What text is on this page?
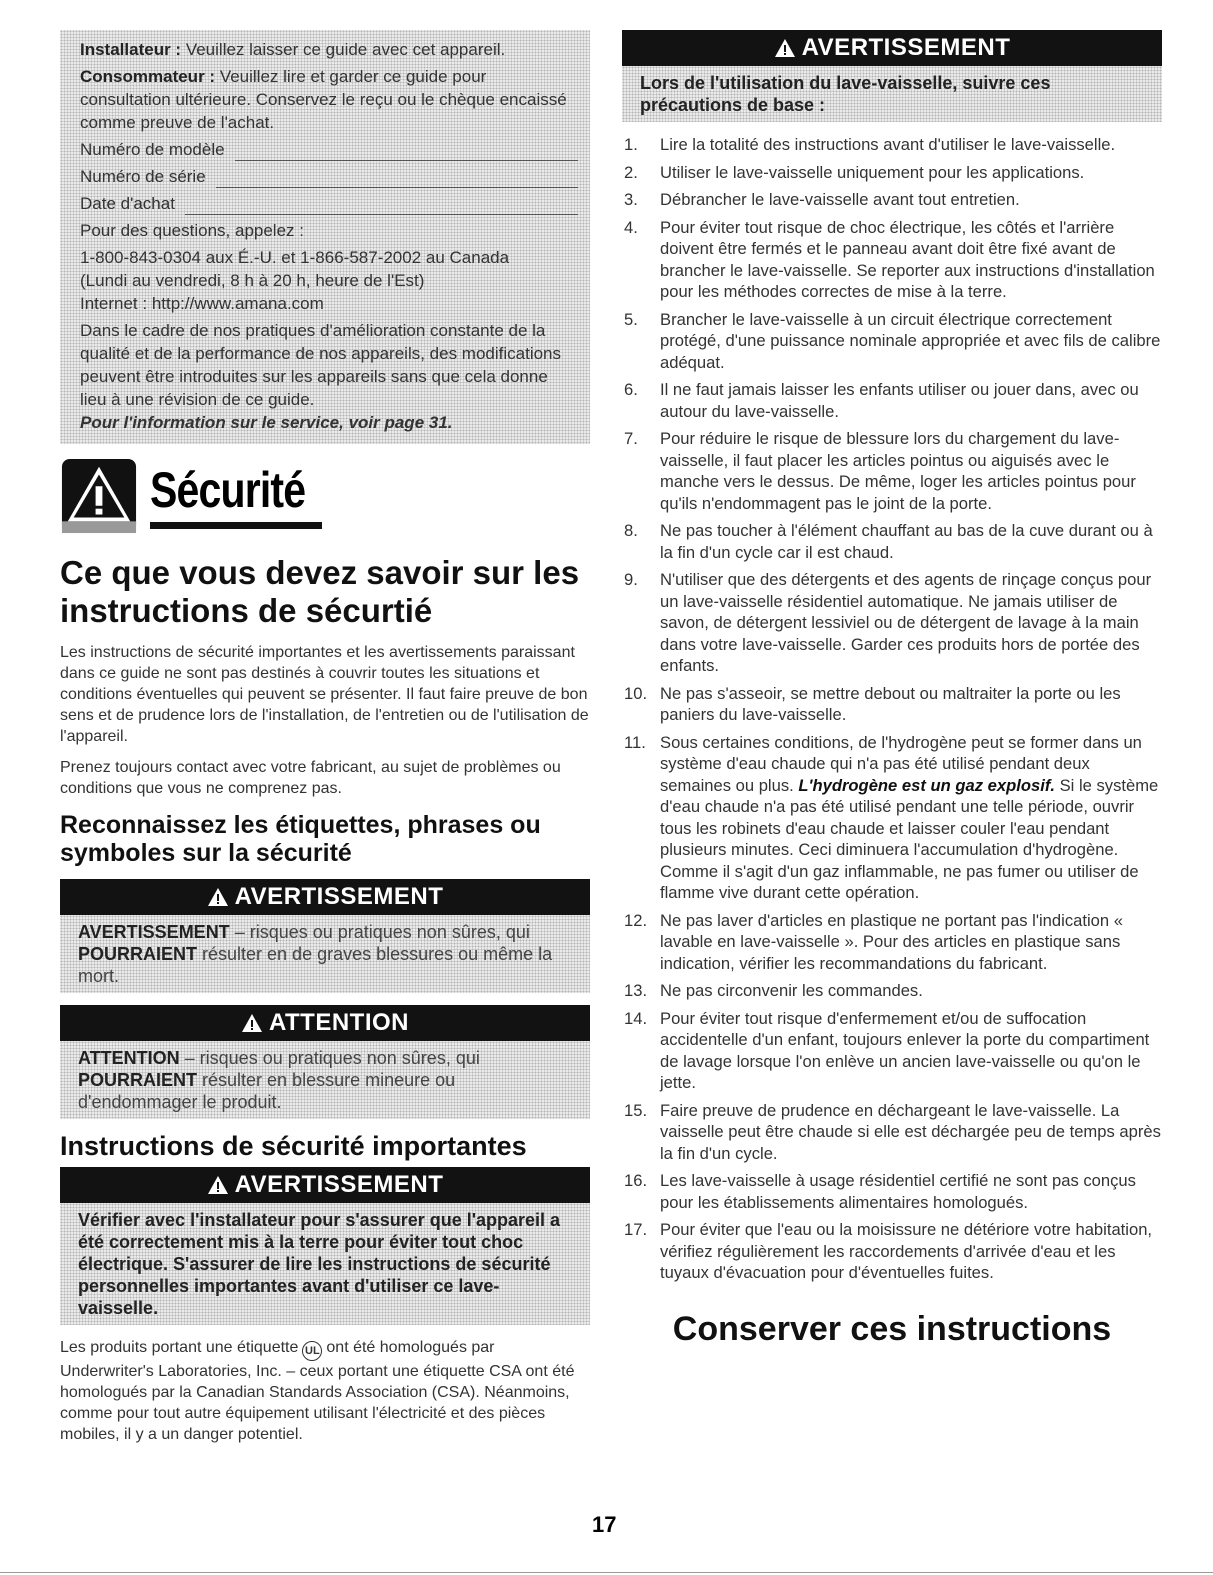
Installateur : Veuillez laisser ce guide avec cet appareil.

Consommateur : Veuillez lire et garder ce guide pour consultation ultérieure. Conservez le reçu ou le chèque encaissé comme preuve de l'achat.

Numéro de modèle
Numéro de série
Date d'achat

Pour des questions, appelez :

1-800-843-0304 aux É.-U. et 1-866-587-2002 au Canada

(Lundi au vendredi, 8 h à 20 h, heure de l'Est)

Internet : http://www.amana.com

Dans le cadre de nos pratiques d'amélioration constante de la qualité et de la performance de nos appareils, des modifications peuvent être introduites sur les appareils sans que cela donne lieu à une révision de ce guide.

Pour l'information sur le service, voir page 31.

Sécurité
Ce que vous devez savoir sur les instructions de sécurtié

Les instructions de sécurité importantes et les avertissements paraissant dans ce guide ne sont pas destinés à couvrir toutes les situations et conditions éventuelles qui peuvent se présenter. Il faut faire preuve de bon sens et de prudence lors de l'installation, de l'entretien ou de l'utilisation de l'appareil.

Prenez toujours contact avec votre fabricant, au sujet de problèmes ou conditions que vous ne comprenez pas.

Reconnaissez les étiquettes, phrases ou symboles sur la sécurité
AVERTISSEMENT
AVERTISSEMENT – risques ou pratiques non sûres, qui POURRAIENT résulter en de graves blessures ou même la mort.
ATTENTION
ATTENTION – risques ou pratiques non sûres, qui POURRAIENT résulter en blessure mineure ou d'endommager le produit.
Instructions de sécurité importantes
AVERTISSEMENT
Vérifier avec l'installateur pour s'assurer que l'appareil a été correctement mis à la terre pour éviter tout choc électrique. S'assurer de lire les instructions de sécurité personnelles importantes avant d'utiliser ce lave-vaisselle.

Les produits portant une étiquette UL ont été homologués par Underwriter's Laboratories, Inc. – ceux portant une étiquette CSA ont été homologués par la Canadian Standards Association (CSA). Néanmoins, comme pour tout autre équipement utilisant l'électricité et des pièces mobiles, il y a un danger potentiel.

AVERTISSEMENT
Lors de l'utilisation du lave-vaisselle, suivre ces précautions de base :
1.	Lire la totalité des instructions avant d'utiliser le lave-vaisselle.
2.	Utiliser le lave-vaisselle uniquement pour les applications.
3.	Débrancher le lave-vaisselle avant tout entretien.
4.	Pour éviter tout risque de choc électrique, les côtés et l'arrière doivent être fermés et le panneau avant doit être fixé avant de brancher le lave-vaisselle. Se reporter aux instructions d'installation pour les méthodes correctes de mise à la terre.
5.	Brancher le lave-vaisselle à un circuit électrique correctement protégé, d'une puissance nominale appropriée et avec fils de calibre adéquat.
6.	Il ne faut jamais laisser les enfants utiliser ou jouer dans, avec ou autour du lave-vaisselle.
7.	Pour réduire le risque de blessure lors du chargement du lave-vaisselle, il faut placer les articles pointus ou aiguisés avec le manche vers le dessus. De même, loger les articles pointus pour qu'ils n'endommagent pas le joint de la porte.
8.	Ne pas toucher à l'élément chauffant au bas de la cuve durant ou à la fin d'un cycle car il est chaud.
9.	N'utiliser que des détergents et des agents de rinçage conçus pour un lave-vaisselle résidentiel automatique. Ne jamais utiliser de savon, de détergent lessiviel ou de détergent de lavage à la main dans votre lave-vaisselle. Garder ces produits hors de portée des enfants.
10. Ne pas s'asseoir, se mettre debout ou maltraiter la porte ou les paniers du lave-vaisselle.
11. Sous certaines conditions, de l'hydrogène peut se former dans un système d'eau chaude qui n'a pas été utilisé pendant deux semaines ou plus. L'hydrogène est un gaz explosif. Si le système d'eau chaude n'a pas été utilisé pendant une telle période, ouvrir tous les robinets d'eau chaude et laisser couler l'eau pendant plusieurs minutes. Ceci diminuera l'accumulation d'hydrogène. Comme il s'agit d'un gaz inflammable, ne pas fumer ou utiliser de flamme vive durant cette opération.
12. Ne pas laver d'articles en plastique ne portant pas l'indication « lavable en lave-vaisselle ». Pour des articles en plastique sans indication, vérifier les recommandations du fabricant.
13. Ne pas circonvenir les commandes.
14. Pour éviter tout risque d'enfermement et/ou de suffocation accidentelle d'un enfant, toujours enlever la porte du compartiment de lavage lorsque l'on enlève un ancien lave-vaisselle ou qu'on le jette.
15. Faire preuve de prudence en déchargeant le lave-vaisselle. La vaisselle peut être chaude si elle est déchargée peu de temps après la fin d'un cycle.
16. Les lave-vaisselle à usage résidentiel certifié ne sont pas conçus pour les établissements alimentaires homologués.
17. Pour éviter que l'eau ou la moisissure ne détériore votre habitation, vérifiez régulièrement les raccordements d'arrivée d'eau et les tuyaux d'évacuation pour d'éventuelles fuites.
Conserver ces instructions
17
